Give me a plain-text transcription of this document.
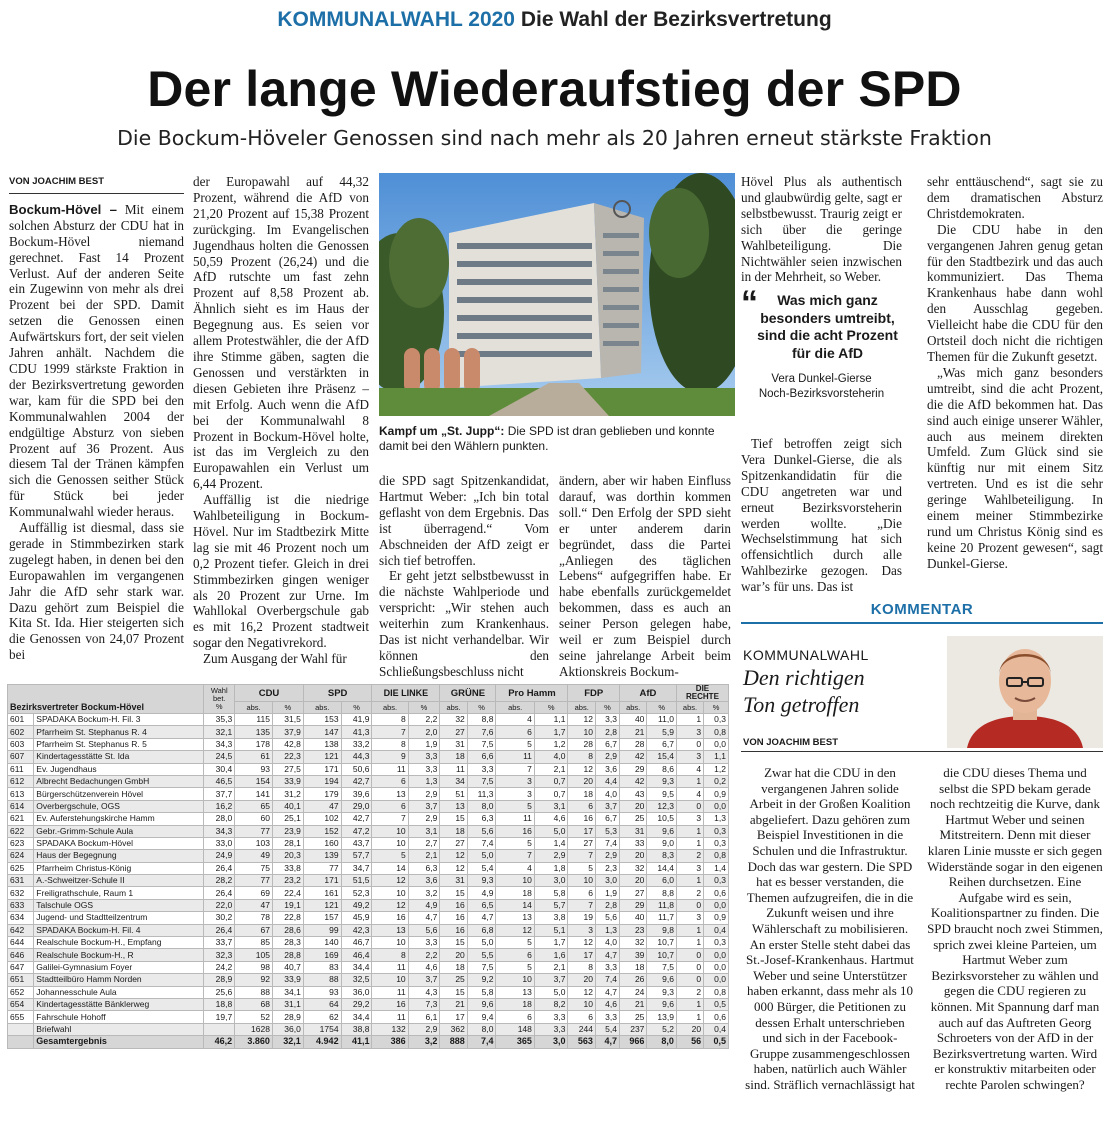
KOMMUNALWAHL 2020 Die Wahl der Bezirksvertretung
Der lange Wiederaufstieg der SPD
Die Bockum-Höveler Genossen sind nach mehr als 20 Jahren erneut stärkste Fraktion
VON JOACHIM BEST

Bockum-Hövel – Mit einem solchen Absturz der CDU hat in Bockum-Hövel niemand gerechnet. Fast 14 Prozent Verlust. Auf der anderen Seite ein Zugewinn von mehr als drei Prozent bei der SPD. Damit setzen die Genossen einen Aufwärtskurs fort, der seit vielen Jahren anhält. Nachdem die CDU 1999 stärkste Fraktion in der Bezirksvertretung geworden war, kam für die SPD bei den Kommunalwahlen 2004 der endgültige Absturz von sieben Prozent auf 36 Prozent. Aus diesem Tal der Tränen kämpfen sich die Genossen seither Stück für Stück bei jeder Kommunalwahl wieder heraus.

Auffällig ist diesmal, dass sie gerade in Stimmbezirken stark zugelegt haben, in denen bei den Europawahlen im vergangenen Jahr die AfD sehr stark war. Dazu gehört zum Beispiel die Kita St. Ida. Hier steigerten sich die Genossen von 24,07 Prozent bei

der Europawahl auf 44,32 Prozent, während die AfD von 21,20 Prozent auf 15,38 Prozent zurückging. Im Evangelischen Jugendhaus holten die Genossen 50,59 Prozent (26,24) und die AfD rutschte um fast zehn Prozent auf 8,58 Prozent ab. Ähnlich sieht es im Haus der Begegnung aus. Es seien vor allem Protestwähler, die der AfD ihre Stimme gäben, sagten die Genossen und verstärkten in diesen Gebieten ihre Präsenz – mit Erfolg. Auch wenn die AfD bei der Kommunalwahl 8 Prozent in Bockum-Hövel holte, ist das im Vergleich zu den Europawahlen ein Verlust um 6,44 Prozent.

Auffällig ist die niedrige Wahlbeteiligung in Bockum-Hövel. Nur im Stadtbezirk Mitte lag sie mit 46 Prozent noch um 0,2 Prozent tiefer. Gleich in drei Stimmbezirken gingen weniger als 20 Prozent zur Urne. Im Wahllokal Overbergschule gab es mit 16,2 Prozent stadtweit sogar den Negativrekord.

Zum Ausgang der Wahl für

Kampf um „St. Jupp“: Die SPD ist dran geblieben und konnte damit bei den Wählern punkten.

die SPD sagt Spitzenkandidat, Hartmut Weber: „Ich bin total geflasht von dem Ergebnis. Das ist überragend.“ Vom Abschneiden der AfD zeigt er sich tief betroffen.

Er geht jetzt selbstbewusst in die nächste Wahlperiode und verspricht: „Wir stehen auch weiterhin zum Krankenhaus. Das ist nicht verhandelbar. Wir können den Schließungsbeschluss nicht

ändern, aber wir haben Einfluss darauf, was dorthin kommen soll.“ Den Erfolg der SPD sieht er unter anderem darin begründet, dass die Partei „Anliegen des täglichen Lebens“ aufgegriffen habe. Er habe ebenfalls zurückgemeldet bekommen, dass es auch an seiner Person gelegen habe, weil er zum Beispiel durch seine jahrelange Arbeit beim Aktionskreis Bockum-

Hövel Plus als authentisch und glaubwürdig gelte, sagt er selbstbewusst. Traurig zeigt er sich über die geringe Wahlbeteiligung. Die Nichtwähler seien inzwischen in der Mehrheit, so Weber.

“	Was mich ganz besonders umtreibt, sind die acht Prozent für die AfD
Vera Dunkel-Gierse
Noch-Bezirksvorsteherin

Tief betroffen zeigt sich Vera Dunkel-Gierse, die als Spitzenkandidatin für die CDU angetreten war und erneut Bezirksvorsteherin werden wollte. „Die Wechselstimmung hat sich offensichtlich durch alle Wahlbezirke gezogen. Das war’s für uns. Das ist

sehr enttäuschend“, sagt sie zu dem dramatischen Absturz Christdemokraten.

Die CDU habe in den vergangenen Jahren genug getan für den Stadtbezirk und das auch kommuniziert. Das Thema Krankenhaus habe dann wohl den Ausschlag gegeben. Vielleicht habe die CDU für den Ortsteil doch nicht die richtigen Themen für die Zukunft gesetzt.

„Was mich ganz besonders umtreibt, sind die acht Prozent, die die AfD bekommen hat. Das sind auch einige unserer Wähler, auch aus meinem direkten Umfeld. Zum Glück sind sie künftig nur mit einem Sitz vertreten. Und es ist die sehr geringe Wahlbeteiligung. In einem meiner Stimmbezirke rund um Christus König sind es keine 20 Prozent gewesen“, sagt Dunkel-Gierse.

KOMMENTAR
KOMMUNALWAHL
Den richtigen
Ton getroffen
VON JOACHIM BEST
Zwar hat die CDU in den vergangenen Jahren solide Arbeit in der Großen Koalition abgeliefert. Dazu gehören zum Beispiel Investitionen in die Schulen und die Infrastruktur. Doch das war gestern. Die SPD hat es besser verstanden, die Themen aufzugreifen, die in die Zukunft weisen und ihre Wählerschaft zu mobilisieren. An erster Stelle steht dabei das St.-Josef-Krankenhaus. Hartmut Weber und seine Unterstützer haben erkannt, dass mehr als 10 000 Bürger, die Petitionen zu dessen Erhalt unterschrieben und sich in der Facebook-Gruppe zusammengeschlossen haben, natürlich auch Wähler sind. Sträflich vernachlässigt hat
die CDU dieses Thema und selbst die SPD bekam gerade noch rechtzeitig die Kurve, dank Hartmut Weber und seinen Mitstreitern. Denn mit dieser klaren Linie musste er sich gegen Widerstände sogar in den eigenen Reihen durchsetzen. Eine Aufgabe wird es sein, Koalitionspartner zu finden. Die SPD braucht noch zwei Stimmen, sprich zwei kleine Parteien, um Hartmut Weber zum Bezirksvorsteher zu wählen und gegen die CDU regieren zu können. Mit Spannung darf man auch auf das Auftreten Georg Schroeters von der AfD in der Bezirksvertretung warten. Wird er konstruktiv mitarbeiten oder rechte Parolen schwingen?
Bezirksvertreter Bockum-Hövel		Wahl
bet.
%	CDU		SPD		DIE LINKE		GRÜNE		Pro Hamm		FDP		AfD		DIE
RECHTE	
			abs.	%	abs.	%	abs.	%	abs.	%	abs.	%	abs.	%	abs.	%	abs.	%
601	SPADAKA Bockum-H. Fil. 3	35,3	115	31,5	153	41,9	8	2,2	32	8,8	4	1,1	12	3,3	40	11,0	1	0,3
602	Pfarrheim St. Stephanus R. 4	32,1	135	37,9	147	41,3	7	2,0	27	7,6	6	1,7	10	2,8	21	5,9	3	0,8
603	Pfarrheim St. Stephanus R. 5	34,3	178	42,8	138	33,2	8	1,9	31	7,5	5	1,2	28	6,7	28	6,7	0	0,0
607	Kindertagesstätte St. Ida	24,5	61	22,3	121	44,3	9	3,3	18	6,6	11	4,0	8	2,9	42	15,4	3	1,1
611	Ev. Jugendhaus	30,4	93	27,5	171	50,6	11	3,3	11	3,3	7	2,1	12	3,6	29	8,6	4	1,2
612	Albrecht Bedachungen GmbH	46,5	154	33,9	194	42,7	6	1,3	34	7,5	3	0,7	20	4,4	42	9,3	1	0,2
613	Bürgerschützenverein Hövel	37,7	141	31,2	179	39,6	13	2,9	51	11,3	3	0,7	18	4,0	43	9,5	4	0,9
614	Overbergschule, OGS	16,2	65	40,1	47	29,0	6	3,7	13	8,0	5	3,1	6	3,7	20	12,3	0	0,0
621	Ev. Auferstehungskirche Hamm	28,0	60	25,1	102	42,7	7	2,9	15	6,3	11	4,6	16	6,7	25	10,5	3	1,3
622	Gebr.-Grimm-Schule Aula	34,3	77	23,9	152	47,2	10	3,1	18	5,6	16	5,0	17	5,3	31	9,6	1	0,3
623	SPADAKA Bockum-Hövel	33,0	103	28,1	160	43,7	10	2,7	27	7,4	5	1,4	27	7,4	33	9,0	1	0,3
624	Haus der Begegnung	24,9	49	20,3	139	57,7	5	2,1	12	5,0	7	2,9	7	2,9	20	8,3	2	0,8
625	Pfarrheim Christus-König	26,4	75	33,8	77	34,7	14	6,3	12	5,4	4	1,8	5	2,3	32	14,4	3	1,4
631	A.-Schweitzer-Schule II	28,2	77	23,2	171	51,5	12	3,6	31	9,3	10	3,0	10	3,0	20	6,0	1	0,3
632	Freiligrathschule, Raum 1	26,4	69	22,4	161	52,3	10	3,2	15	4,9	18	5,8	6	1,9	27	8,8	2	0,6
633	Talschule OGS	22,0	47	19,1	121	49,2	12	4,9	16	6,5	14	5,7	7	2,8	29	11,8	0	0,0
634	Jugend- und Stadtteilzentrum	30,2	78	22,8	157	45,9	16	4,7	16	4,7	13	3,8	19	5,6	40	11,7	3	0,9
642	SPADAKA Bockum-H. Fil. 4	26,4	67	28,6	99	42,3	13	5,6	16	6,8	12	5,1	3	1,3	23	9,8	1	0,4
644	Realschule Bockum-H., Empfang	33,7	85	28,3	140	46,7	10	3,3	15	5,0	5	1,7	12	4,0	32	10,7	1	0,3
646	Realschule Bockum-H., R	32,3	105	28,8	169	46,4	8	2,2	20	5,5	6	1,6	17	4,7	39	10,7	0	0,0
647	Galilei-Gymnasium Foyer	24,2	98	40,7	83	34,4	11	4,6	18	7,5	5	2,1	8	3,3	18	7,5	0	0,0
651	Stadtteilbüro Hamm Norden	28,9	92	33,9	88	32,5	10	3,7	25	9,2	10	3,7	20	7,4	26	9,6	0	0,0
652	Johannesschule Aula	25,6	88	34,1	93	36,0	11	4,3	15	5,8	13	5,0	12	4,7	24	9,3	2	0,8
654	Kindertagesstätte Bänklerweg	18,8	68	31,1	64	29,2	16	7,3	21	9,6	18	8,2	10	4,6	21	9,6	1	0,5
655	Fahrschule Hohoff	19,7	52	28,9	62	34,4	11	6,1	17	9,4	6	3,3	6	3,3	25	13,9	1	0,6
	Briefwahl		1628	36,0	1754	38,8	132	2,9	362	8,0	148	3,3	244	5,4	237	5,2	20	0,4
	Gesamtergebnis	46,2	3.860	32,1	4.942	41,1	386	3,2	888	7,4	365	3,0	563	4,7	966	8,0	56	0,5
